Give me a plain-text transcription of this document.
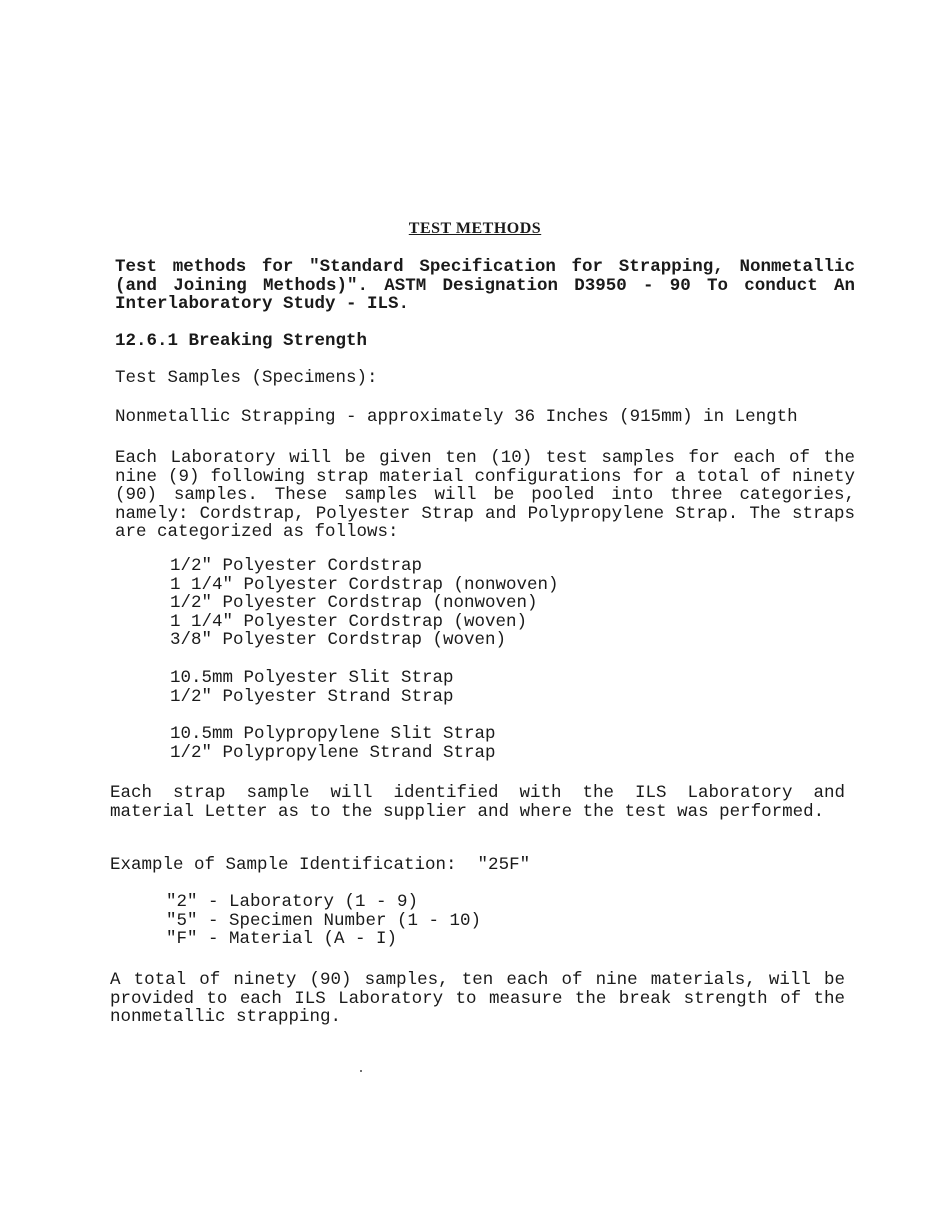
TEST METHODS
Test methods for "Standard Specification for Strapping, Nonmetallic (and Joining Methods)". ASTM Designation D3950 - 90 To conduct An Interlaboratory Study - ILS.
12.6.1 Breaking Strength
Test Samples (Specimens):
Nonmetallic Strapping - approximately 36 Inches (915mm) in Length
Each Laboratory will be given ten (10) test samples for each of the nine (9) following strap material configurations for a total of ninety (90) samples. These samples will be pooled into three categories, namely: Cordstrap, Polyester Strap and Polypropylene Strap. The straps are categorized as follows:
1/2" Polyester Cordstrap
1 1/4" Polyester Cordstrap (nonwoven)
1/2" Polyester Cordstrap (nonwoven)
1 1/4" Polyester Cordstrap (woven)
3/8" Polyester Cordstrap (woven)
10.5mm Polyester Slit Strap
1/2" Polyester Strand Strap
10.5mm Polypropylene Slit Strap
1/2" Polypropylene Strand Strap
Each strap sample will identified with the ILS Laboratory and material Letter as to the supplier and where the test was performed.
Example of Sample Identification:  "25F"
"2" - Laboratory (1 - 9)
"5" - Specimen Number (1 - 10)
"F" - Material (A - I)
A total of ninety (90) samples, ten each of nine materials, will be provided to each ILS Laboratory to measure the break strength of the nonmetallic strapping.
